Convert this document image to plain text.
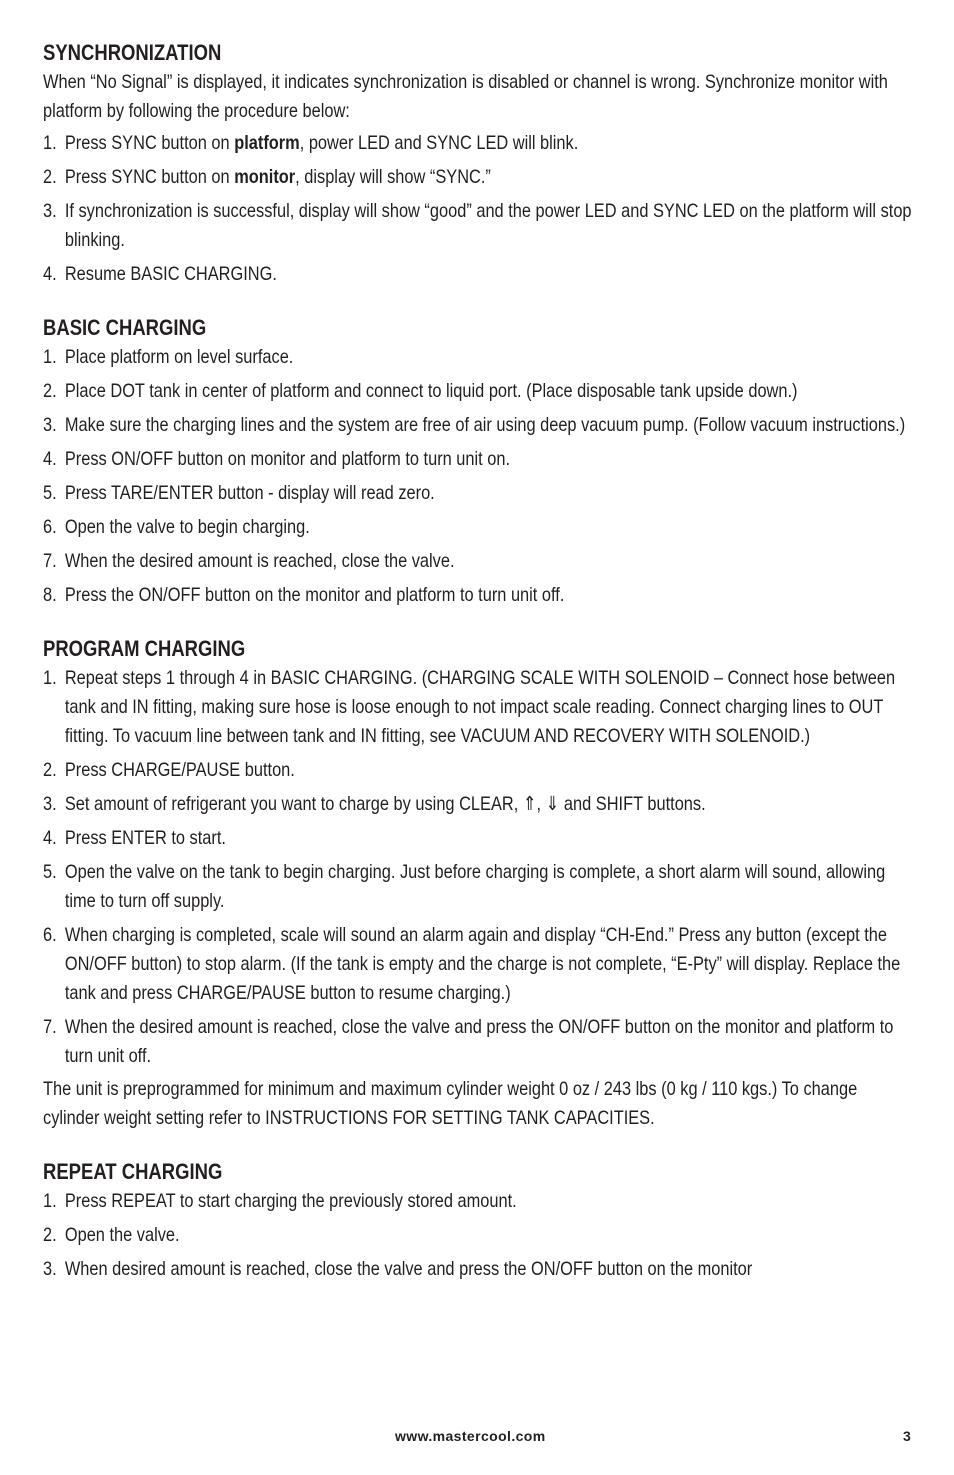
SYNCHRONIZATION

When “No Signal” is displayed, it indicates synchronization is disabled or channel is wrong. Synchronize monitor with platform by following the procedure below:

1. Press SYNC button on platform, power LED and SYNC LED will blink.
2. Press SYNC button on monitor, display will show “SYNC.”
3. If synchronization is successful, display will show “good” and the power LED and SYNC LED on the platform will stop blinking.
4. Resume BASIC CHARGING.
BASIC CHARGING
1. Place platform on level surface.
2. Place DOT tank in center of platform and connect to liquid port. (Place disposable tank upside down.)
3. Make sure the charging lines and the system are free of air using deep vacuum pump. (Follow vacuum instructions.)
4. Press ON/OFF button on monitor and platform to turn unit on.
5. Press TARE/ENTER button - display will read zero.
6. Open the valve to begin charging.
7. When the desired amount is reached, close the valve.
8. Press the ON/OFF button on the monitor and platform to turn unit off.
PROGRAM CHARGING
1. Repeat steps 1 through 4 in BASIC CHARGING. (CHARGING SCALE WITH SOLENOID – Connect hose between tank and IN fitting, making sure hose is loose enough to not impact scale reading. Connect charging lines to OUT fitting. To vacuum line between tank and IN fitting, see VACUUM AND RECOVERY WITH SOLENOID.)
2. Press CHARGE/PAUSE button.
3. Set amount of refrigerant you want to charge by using CLEAR, ⇑, ⇓ and SHIFT buttons.
4. Press ENTER to start.
5. Open the valve on the tank to begin charging. Just before charging is complete, a short alarm will sound, allowing time to turn off supply.
6. When charging is completed, scale will sound an alarm again and display “CH-End.” Press any button (except the ON/OFF button) to stop alarm. (If the tank is empty and the charge is not complete, “E-Pty” will display. Replace the tank and press CHARGE/PAUSE button to resume charging.)
7. When the desired amount is reached, close the valve and press the ON/OFF button on the monitor and platform to turn unit off.

The unit is preprogrammed for minimum and maximum cylinder weight 0 oz / 243 lbs (0 kg / 110 kgs.) To change cylinder weight setting refer to INSTRUCTIONS FOR SETTING TANK CAPACITIES.

REPEAT CHARGING
1. Press REPEAT to start charging the previously stored amount.
2. Open the valve.
3. When desired amount is reached, close the valve and press the ON/OFF button on the monitor
www.mastercool.com	3
